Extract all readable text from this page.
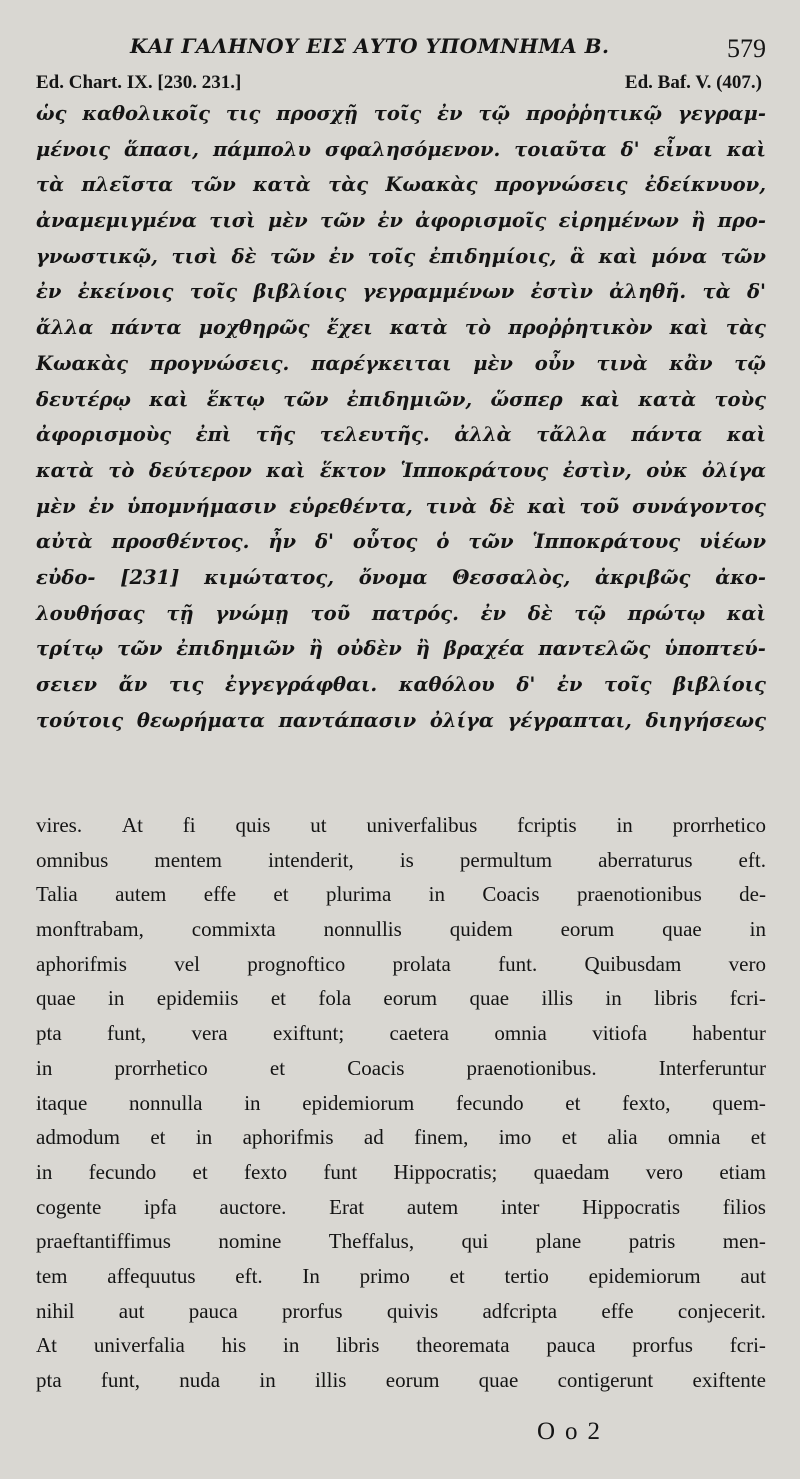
ΚΑΙ ΓΑΛΗΝΟΥ ΕΙΣ ΑΥΤΟ ΥΠΟΜΝΗΜΑ Β.	579
Ed. Chart. IX. [230. 231.]	Ed. Baf. V. (407.)
ὡς καθολικοῖς τις προσχῇ τοῖς ἐν τῷ προῤῥητικῷ γεγραμ-
μένοις ἅπασι, πάμπολυ σφαλησόμενον. τοιαῦτα δ' εἶναι καὶ
τὰ πλεῖστα τῶν κατὰ τὰς Κωακὰς προγνώσεις ἐδείκνυον,
ἀναμεμιγμένα τισὶ μὲν τῶν ἐν ἀφορισμοῖς εἰρημένων ἢ προ-
γνωστικῷ, τισὶ δὲ τῶν ἐν τοῖς ἐπιδημίοις, ἃ καὶ μόνα τῶν
ἐν ἐκείνοις τοῖς βιβλίοις γεγραμμένων ἐστὶν ἀληθῆ. τὰ δ'
ἄλλα πάντα μοχθηρῶς ἔχει κατὰ τὸ προῤῥητικὸν καὶ τὰς
Κωακὰς προγνώσεις. παρέγκειται μὲν οὖν τινὰ κἂν τῷ
δευτέρῳ καὶ ἕκτῳ τῶν ἐπιδημιῶν, ὥσπερ καὶ κατὰ τοὺς
ἀφορισμοὺς ἐπὶ τῆς τελευτῆς. ἀλλὰ τἄλλα πάντα καὶ
κατὰ τὸ δεύτερον καὶ ἕκτον Ἱπποκράτους ἐστὶν, οὐκ ὀλίγα
μὲν ἐν ὑπομνήμασιν εὑρεθέντα, τινὰ δὲ καὶ τοῦ συνάγοντος
αὐτὰ προσθέντος. ἦν δ' οὗτος ὁ τῶν Ἱπποκράτους υἱέων
εὐδο- [231] κιμώτατος, ὄνομα Θεσσαλὸς, ἀκριβῶς ἀκο-
λουθήσας τῇ γνώμῃ τοῦ πατρός. ἐν δὲ τῷ πρώτῳ καὶ
τρίτῳ τῶν ἐπιδημιῶν ἢ οὐδὲν ἢ βραχέα παντελῶς ὑποπτεύ-
σειεν ἄν τις ἐγγεγράφθαι. καθόλου δ' ἐν τοῖς βιβλίοις
τούτοις θεωρήματα παντάπασιν ὀλίγα γέγραπται, διηγήσεως
vires. At fi quis ut univerfalibus fcriptis in prorrhetico
omnibus mentem intenderit, is permultum aberraturus eft.
Talia autem effe et plurima in Coacis praenotionibus de-
monftrabam, commixta nonnullis quidem eorum quae in
aphorifmis vel prognoftico prolata funt. Quibusdam vero
quae in epidemiis et fola eorum quae illis in libris fcri-
pta funt, vera exiftunt; caetera omnia vitiofa habentur
in	prorrhetico	et	Coacis	praenotionibus.	Interferuntur
itaque nonnulla in epidemiorum fecundo et fexto, quem-
admodum et in aphorifmis ad finem, imo et alia omnia et
in fecundo et fexto funt Hippocratis; quaedam vero etiam
cogente ipfa auctore. Erat autem inter Hippocratis filios
praeftantiffimus nomine Theffalus, qui plane patris men-
tem affequutus eft. In primo et tertio epidemiorum aut
nihil aut pauca prorfus quivis adfcripta effe conjecerit.
At univerfalia his in libris theoremata pauca prorfus fcri-
pta funt, nuda in illis eorum quae contigerunt exiftente
Oo2
